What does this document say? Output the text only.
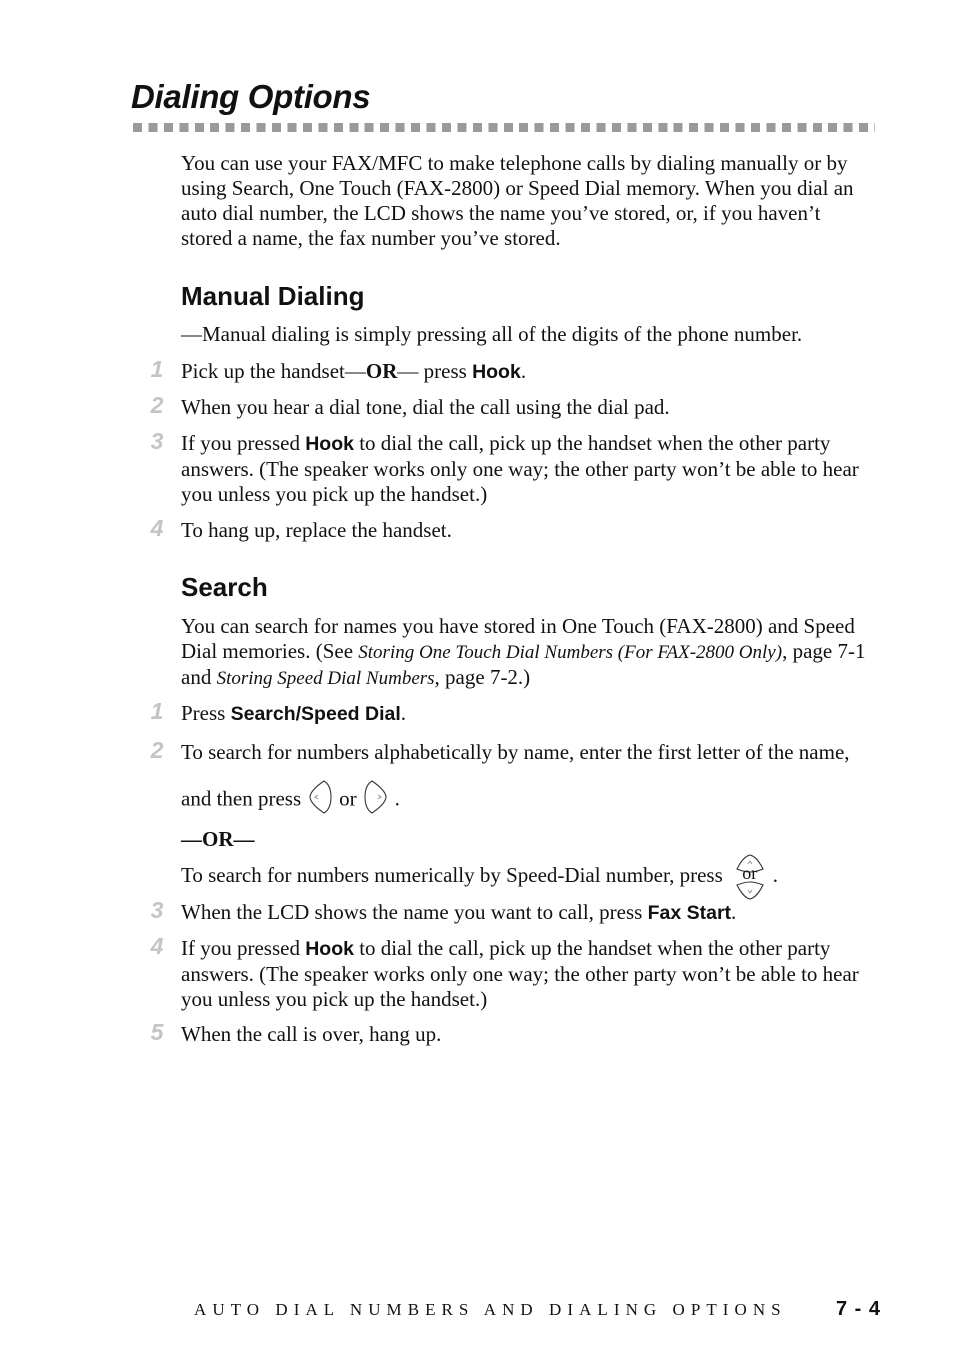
Dialing Options

You can use your FAX/MFC to make telephone calls by dialing manually or by using Search, One Touch (FAX-2800) or Speed Dial memory. When you dial an auto dial number, the LCD shows the name you’ve stored, or, if you haven’t stored a name, the fax number you’ve stored.

Manual Dialing

—Manual dialing is simply pressing all of the digits of the phone number.

1 Pick up the handset—OR— press Hook.

2 When you hear a dial tone, dial the call using the dial pad.

3 If you pressed Hook to dial the call, pick up the handset when the other party answers. (The speaker works only one way; the other party won’t be able to hear you unless you pick up the handset.)

4 To hang up, replace the handset.

Search

You can search for names you have stored in One Touch (FAX-2800) and Speed Dial memories. (See Storing One Touch Dial Numbers (For FAX-2800 Only), page 7-1 and Storing Speed Dial Numbers, page 7-2.)

1 Press Search/Speed Dial.

2 To search for numbers alphabetically by name, enter the first letter of the name,

and then press or .

—OR—

To search for numbers numerically by Speed-Dial number, press	or .

3 When the LCD shows the name you want to call, press Fax Start.

4 If you pressed Hook to dial the call, pick up the handset when the other party answers. (The speaker works only one way; the other party won’t be able to hear you unless you pick up the handset.)

5 When the call is over, hang up.

AUTO DIAL NUMBERS AND DIALING OPTIONS 7 - 4
